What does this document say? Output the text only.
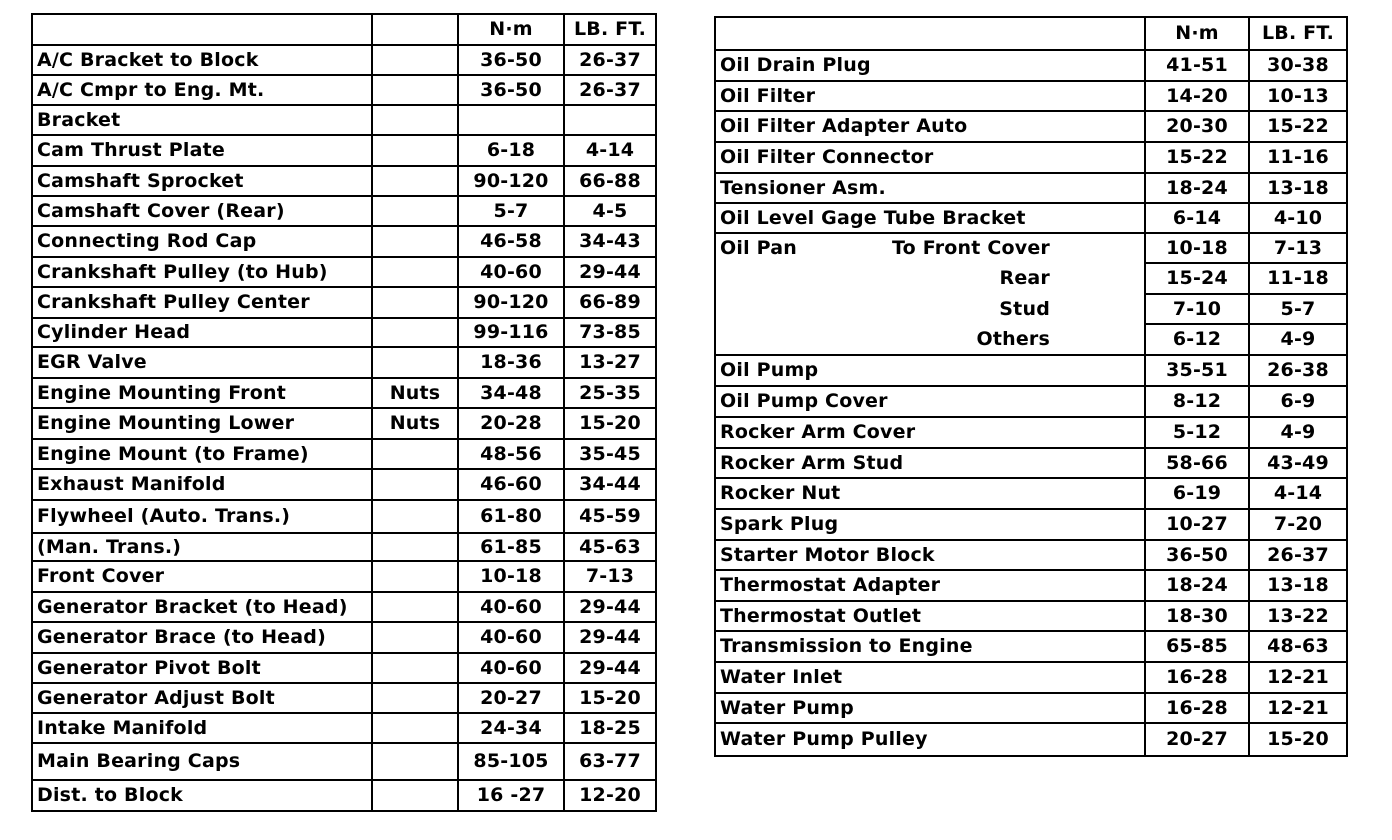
		N·m	LB. FT.
A/C Bracket to Block		36-50	26-37
A/C Cmpr to Eng. Mt.		36-50	26-37
Bracket			
Cam Thrust Plate		6-18	4-14
Camshaft Sprocket		90-120	66-88
Camshaft Cover (Rear)		5-7	4-5
Connecting Rod Cap		46-58	34-43
Crankshaft Pulley (to Hub)		40-60	29-44
Crankshaft Pulley Center		90-120	66-89
Cylinder Head		99-116	73-85
EGR Valve		18-36	13-27
Engine Mounting Front	Nuts	34-48	25-35
Engine Mounting Lower	Nuts	20-28	15-20
Engine Mount (to Frame)		48-56	35-45
Exhaust Manifold		46-60	34-44
Flywheel (Auto. Trans.)		61-80	45-59
(Man. Trans.)		61-85	45-63
Front Cover		10-18	7-13
Generator Bracket (to Head)		40-60	29-44
Generator Brace (to Head)		40-60	29-44
Generator Pivot Bolt		40-60	29-44
Generator Adjust Bolt		20-27	15-20
Intake Manifold		24-34	18-25
Main Bearing Caps		85-105	63-77
Dist. to Block		16 -27	12-20
	N·m	LB. FT.
Oil Drain Plug	41-51	30-38
Oil Filter	14-20	10-13
Oil Filter Adapter Auto	20-30	15-22
Oil Filter Connector	15-22	11-16
Tensioner Asm.	18-24	13-18
Oil Level Gage Tube Bracket	6-14	4-10

Oil Pan To Front Cover	10-18	7-13
Rear	15-24	11-18
Stud	7-10	5-7
Others	6-12	4-9
Oil Pump	35-51	26-38
Oil Pump Cover	8-12	6-9
Rocker Arm Cover	5-12	4-9
Rocker Arm Stud	58-66	43-49
Rocker Nut	6-19	4-14
Spark Plug	10-27	7-20
Starter Motor Block	36-50	26-37
Thermostat Adapter	18-24	13-18
Thermostat Outlet	18-30	13-22
Transmission to Engine	65-85	48-63
Water Inlet	16-28	12-21
Water Pump	16-28	12-21
Water Pump Pulley	20-27	15-20
